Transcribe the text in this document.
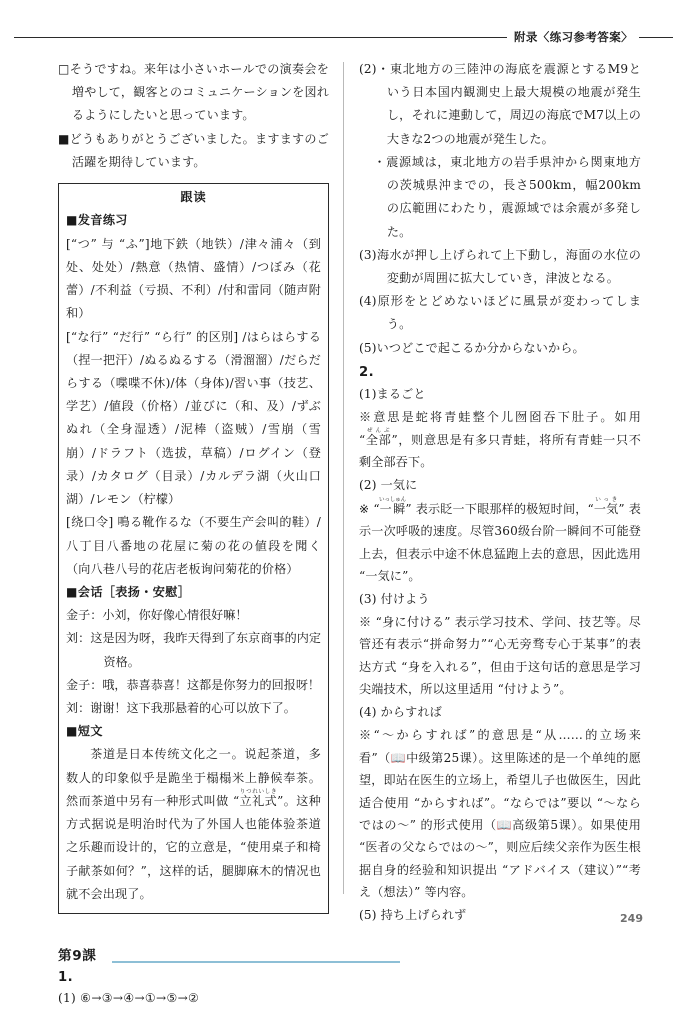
附录〈练习参考答案〉

□そうですね。来年は小さいホールでの演奏会を増やして，観客とのコミュニケーションを図れるようにしたいと思っています。

■どうもありがとうございました。ますますのご活躍を期待しています。

跟读

■发音练习

[“つ” 与 “ふ”]地下鉄（地铁）/津々浦々（到处、处处）/熱意（热情、盛情）/つぼみ（花蕾）/不利益（亏损、不利）/付和雷同（随声附和）

[“な行” “だ行” “ら行” 的区別] /はらはらする（捏一把汗）/ぬるぬるする（滑溜溜）/だらだらする（喋喋不休)/体（身体)/習い事（技艺、学艺）/値段（价格）/並びに（和、及）/ずぶぬれ（全身湿透）/泥棒（盗贼）/雪崩（雪崩）/ドラフト（选拔，草稿）/ログイン（登录）/カタログ（目录）/カルデラ湖（火山口湖）/レモン（柠檬）

[绕口令] 鳴る靴作るな（不要生产会叫的鞋）/八丁目八番地の花屋に菊の花の値段を聞く（向八巷八号的花店老板询问菊花的价格）

■会话［表扬・安慰］

金子：小刘，你好像心情很好嘛！

刘：这是因为呀，我昨天得到了东京商事的内定资格。

金子：哦，恭喜恭喜！这都是你努力的回报呀！

刘：谢谢！这下我那悬着的心可以放下了。

■短文

茶道是日本传统文化之一。说起茶道，多数人的印象似乎是跪坐于榻榻米上静候奉茶。然而茶道中另有一种形式叫做 “立礼式りつれいしき”。这种方式据说是明治时代为了外国人也能体验茶道之乐趣而设计的，它的立意是，“使用桌子和椅子献茶如何？”，这样的话，腿脚麻木的情况也就不会出现了。

第9課

1.

(1) ⑥→③→④→①→⑤→②

(2)・東北地方の三陸沖の海底を震源とするM9という日本国内観測史上最大規模の地震が発生し，それに連動して，周辺の海底でM7以上の大きな2つの地震が発生した。

・震源域は，東北地方の岩手県沖から関東地方の茨城県沖までの，長さ500km，幅200kmの広範囲にわたり，震源域では余震が多発した。

(3)海水が押し上げられて上下動し，海面の水位の変動が周囲に拡大していき，津波となる。

(4)原形をとどめないほどに風景が変わってしまう。

(5)いつどこで起こるか分からないから。

2.

(1)まるごと

※意思是蛇将青蛙整个儿囫囵吞下肚子。如用 “全部ぜんぶ”，则意思是有多只青蛙，将所有青蛙一只不剩全部吞下。

(2) 一気に

※ “一瞬いっしゅん” 表示眨一下眼那样的极短时间，“一気いっき” 表示一次呼吸的速度。尽管360级台阶一瞬间不可能登上去，但表示中途不休息猛跑上去的意思，因此选用 “一気に”。

(3) 付けよう

※ “身に付ける” 表示学习技术、学问、技艺等。尽管还有表示“拼命努力”“心无旁骛专心于某事”的表达方式 “身を入れる”，但由于这句话的意思是学习尖端技术，所以这里适用 “付けよう”。

(4) からすれば

※“〜からすれば”的意思是“从……的立场来看”（📖中级第25课）。这里陈述的是一个单纯的愿望，即站在医生的立场上，希望儿子也做医生，因此适合使用 “からすれば”。“ならでは”要以 “〜ならではの〜” 的形式使用（📖高级第5课）。如果使用 “医者の父ならではの〜”，则应后续父亲作为医生根据自身的经验和知识提出 “アドバイス（建议）”“考え（想法）” 等内容。

(5) 持ち上げられず	249
